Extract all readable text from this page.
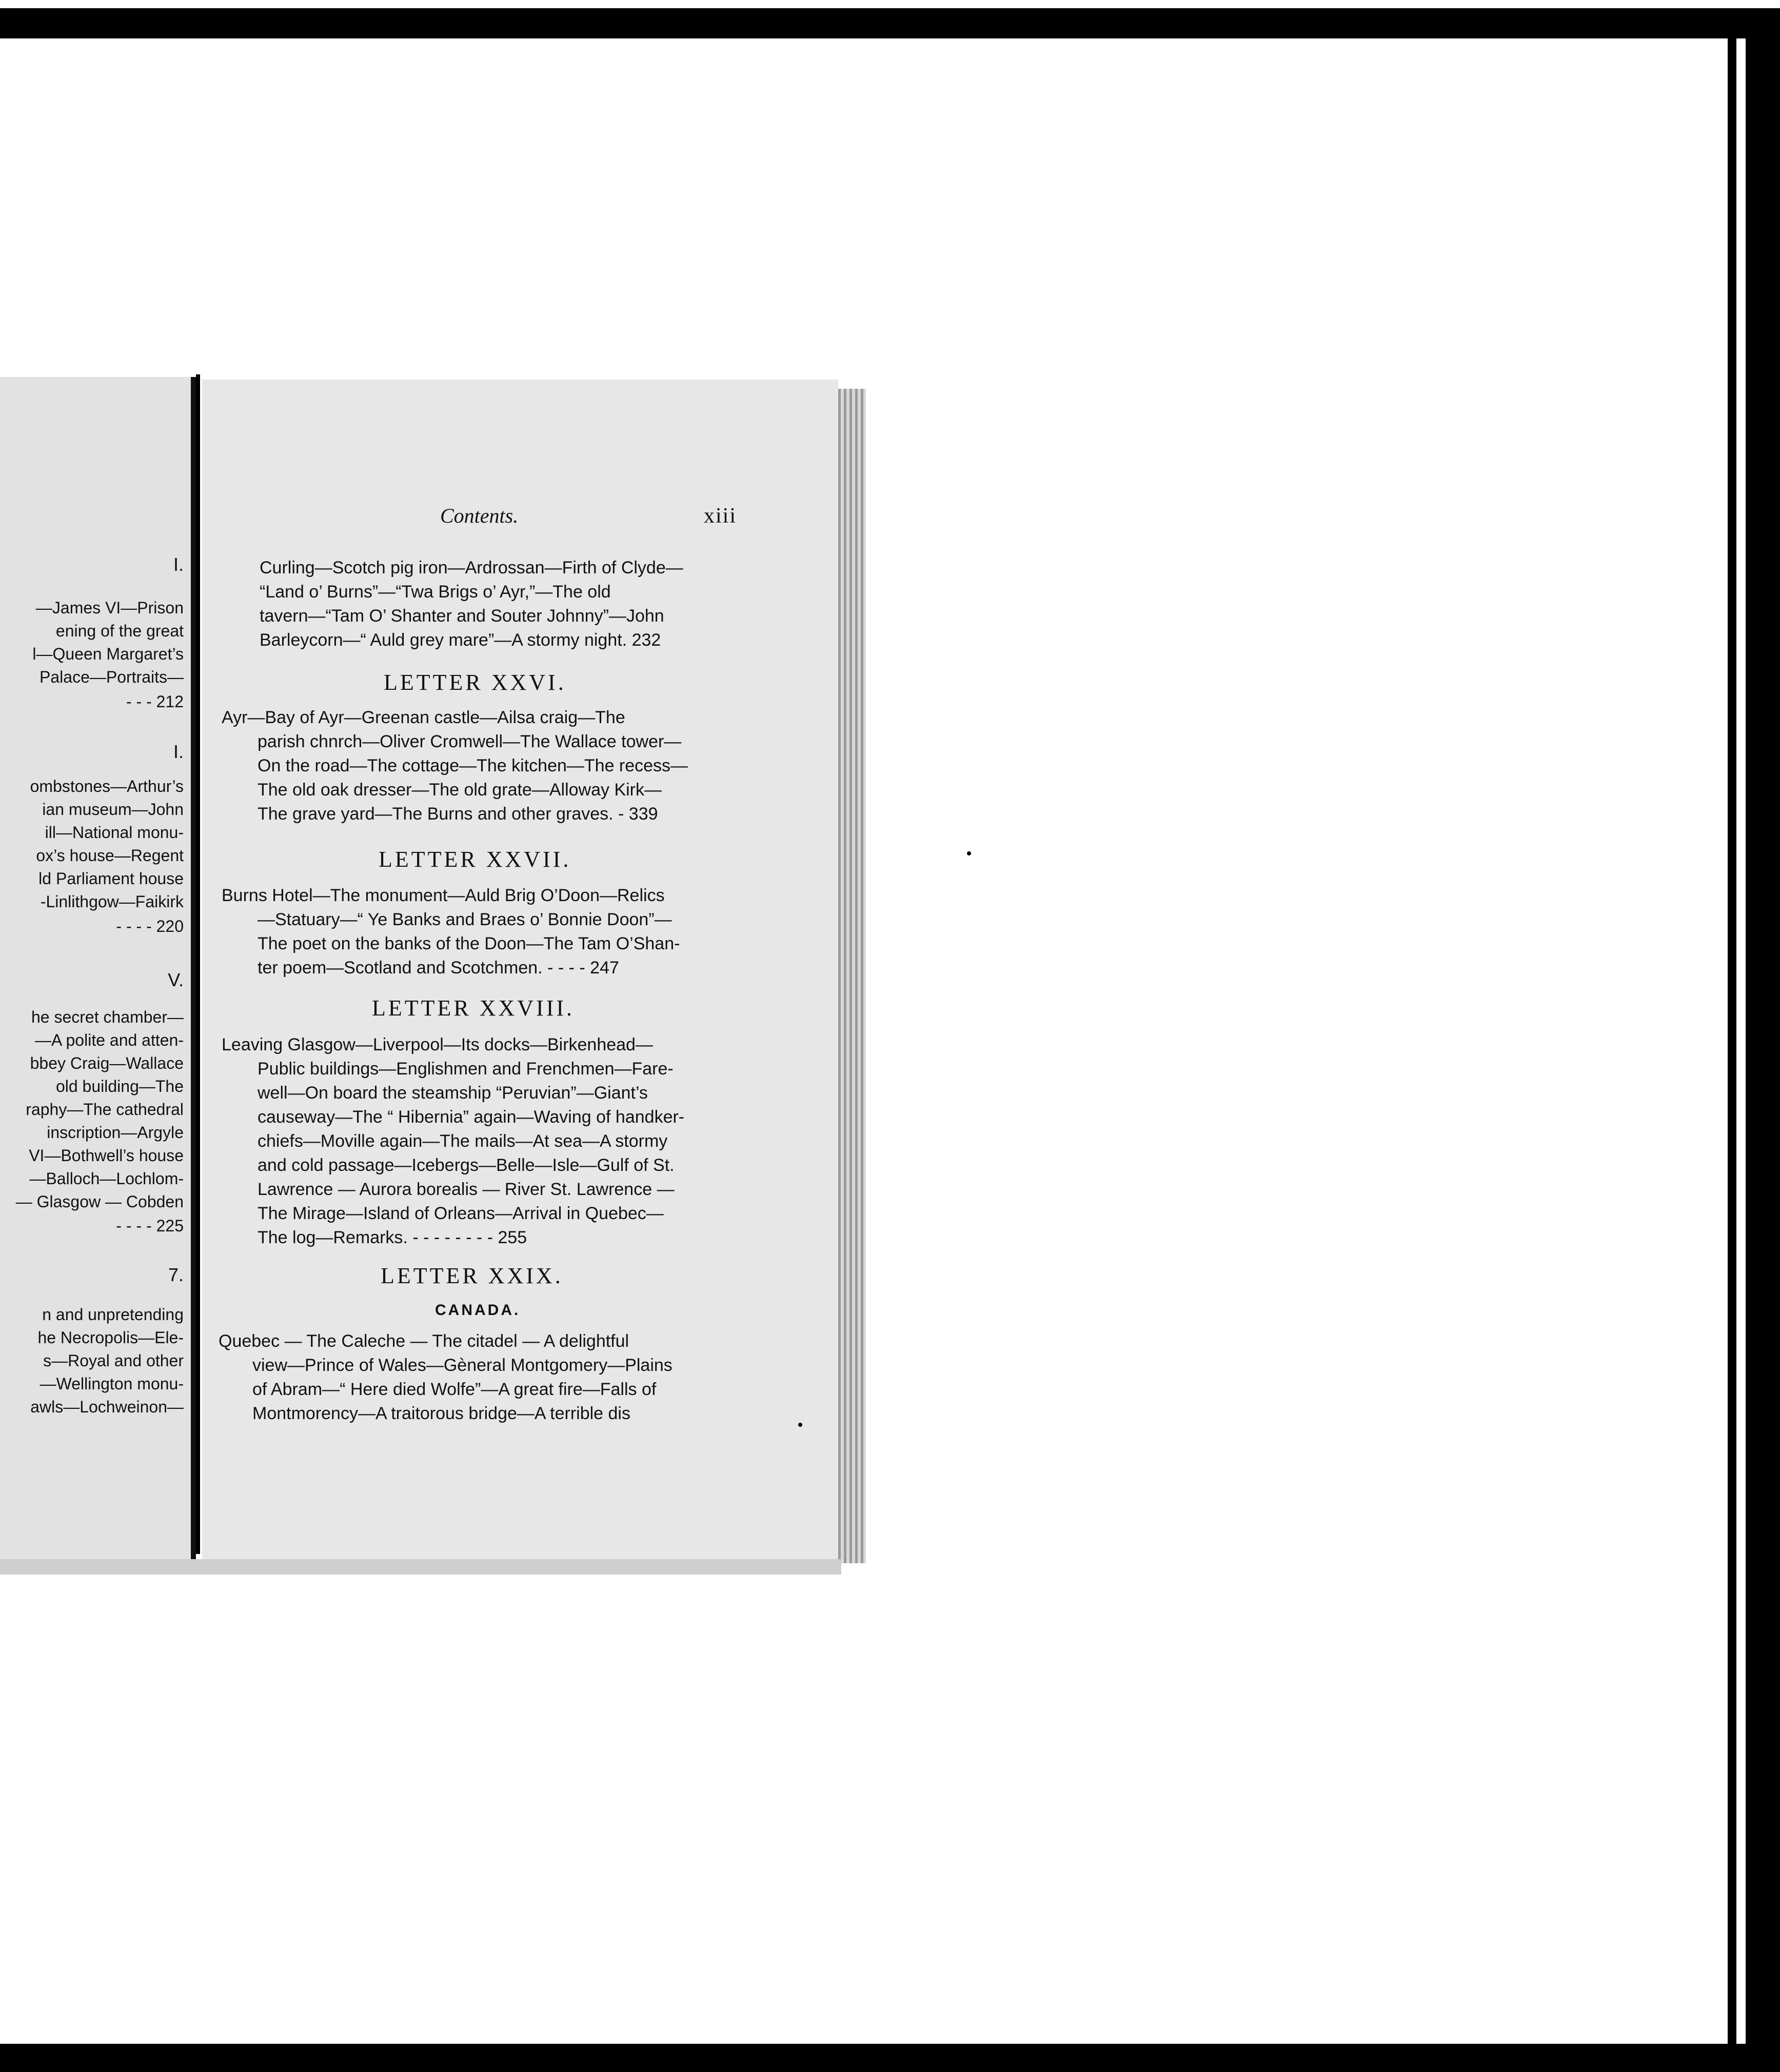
I.
—James VI—Prison
ening of the great
l—Queen Margaret’s
Palace—Portraits—
- - - 212
I.
ombstones—Arthur’s
ian museum—John
ill—National monu-
ox’s house—Regent
ld Parliament house
-Linlithgow—Faikirk
- - - - 220
V.
he secret chamber—
—A polite and atten-
bbey Craig—Wallace
old building—The
raphy—The cathedral
inscription—Argyle
VI—Bothwell’s house
—Balloch—Lochlom-
— Glasgow — Cobden
- - - - 225
7.
n and unpretending
he Necropolis—Ele-
s—Royal and other
—Wellington monu-
awls—Lochweinon—
Contents.	xiii
Curling—Scotch pig iron—Ardrossan—Firth of Clyde—
“Land o’ Burns”—“Twa Brigs o’ Ayr,”—The old
tavern—“Tam O’ Shanter and Souter Johnny”—John
Barleycorn—“ Auld grey mare”—A stormy night. 232
LETTER XXVI.
Ayr—Bay of Ayr—Greenan castle—Ailsa craig—The
parish chnrch—Oliver Cromwell—The Wallace tower—
On the road—The cottage—The kitchen—The recess—
The old oak dresser—The old grate—Alloway Kirk—
The grave yard—The Burns and other graves. - 339
LETTER XXVII.
Burns Hotel—The monument—Auld Brig O’Doon—Relics
—Statuary—“ Ye Banks and Braes o’ Bonnie Doon”—
The poet on the banks of the Doon—The Tam O’Shan-
ter poem—Scotland and Scotchmen. - - - - 247
LETTER XXVIII.
Leaving Glasgow—Liverpool—Its docks—Birkenhead—
Public buildings—Englishmen and Frenchmen—Fare-
well—On board the steamship “Peruvian”—Giant’s
causeway—The “ Hibernia” again—Waving of handker-
chiefs—Moville again—The mails—At sea—A stormy
and cold passage—Icebergs—Belle—Isle—Gulf of St.
Lawrence — Aurora borealis — River St. Lawrence —
The Mirage—Island of Orleans—Arrival in Quebec—
The log—Remarks. - - - - - - - - 255
LETTER XXIX.
CANADA.
Quebec — The Caleche — The citadel — A delightful
view—Prince of Wales—Gèneral Montgomery—Plains
of Abram—“ Here died Wolfe”—A great fire—Falls of
Montmorency—A traitorous bridge—A terrible dis
